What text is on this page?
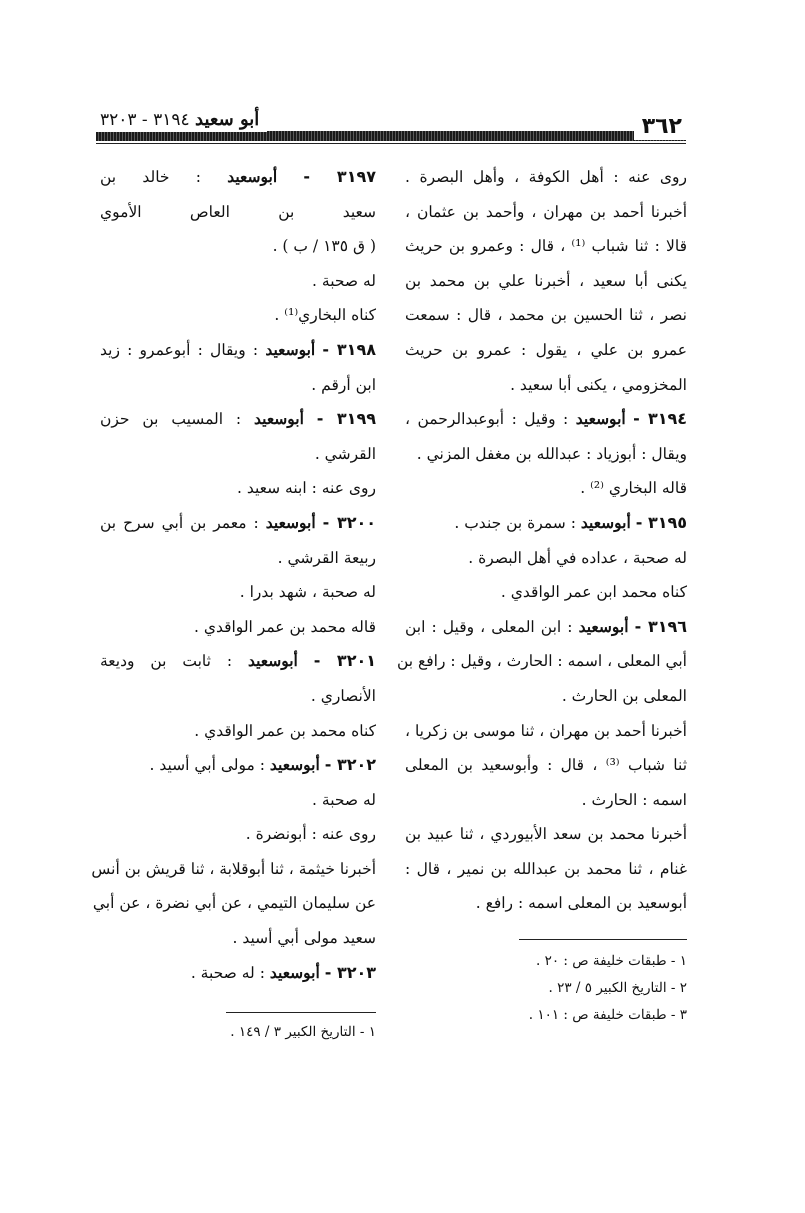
أبو سعيد ٣١٩٤ - ٣٢٠٣	٣٦٢

روى عنه : أهل الكوفة ، وأهل البصرة .

أخبرنا أحمد بن مهران ، وأحمد بن عثمان ،

قالا : ثنا شباب ⁽¹⁾ ، قال : وعمرو بن حريث

يكنى أبا سعيد ، أخبرنا علي بن محمد بن

نصر ، ثنا الحسين بن محمد ، قال : سمعت

عمرو بن علي ، يقول : عمرو بن حريث

المخزومي ، يكنى أبا سعيد .

٣١٩٤ - أبوسعيد : وقيل : أبوعبدالرحمن ،

ويقال : أبوزياد : عبدالله بن مغفل المزني .

قاله البخاري ⁽²⁾ .

٣١٩٥ - أبوسعيد : سمرة بن جندب .

له صحبة ، عداده في أهل البصرة .

كناه محمد ابن عمر الواقدي .

٣١٩٦ - أبوسعيد : ابن المعلى ، وقيل : ابن

أبي المعلى ، اسمه : الحارث ، وقيل : رافع بن

المعلى بن الحارث .

أخبرنا أحمد بن مهران ، ثنا موسى بن زكريا ،

ثنا شباب ⁽³⁾ ، قال : وأبوسعيد بن المعلى

اسمه : الحارث .

أخبرنا محمد بن سعد الأبيوردي ، ثنا عبيد بن

غنام ، ثنا محمد بن عبدالله بن نمير ، قال :

أبوسعيد بن المعلى اسمه : رافع .

١ - طبقات خليفة ص : ٢٠ .

٢ - التاريخ الكبير ٥ / ٢٣ .

٣ - طبقات خليفة ص : ١٠١ .

٣١٩٧ - أبوسعيد : خالد بن

سعيد بن العاص الأموي

( ق ١٣٥ / ب ) .

له صحبة .

كناه البخاري⁽¹⁾ .

٣١٩٨ - أبوسعيد : ويقال : أبوعمرو : زيد

ابن أرقم .

٣١٩٩ - أبوسعيد : المسيب بن حزن

القرشي .

روى عنه : ابنه سعيد .

٣٢٠٠ - أبوسعيد : معمر بن أبي سرح بن

ربيعة القرشي .

له صحبة ، شهد بدرا .

قاله محمد بن عمر الواقدي .

٣٢٠١ - أبوسعيد : ثابت بن وديعة

الأنصاري .

كناه محمد بن عمر الواقدي .

٣٢٠٢ - أبوسعيد : مولى أبي أسيد .

له صحبة .

روى عنه : أبونضرة .

أخبرنا خيثمة ، ثنا أبوقلابة ، ثنا قريش بن أنس

عن سليمان التيمي ، عن أبي نضرة ، عن أبي

سعيد مولى أبي أسيد .

٣٢٠٣ - أبوسعيد : له صحبة .

١ - التاريخ الكبير ٣ / ١٤٩ .
